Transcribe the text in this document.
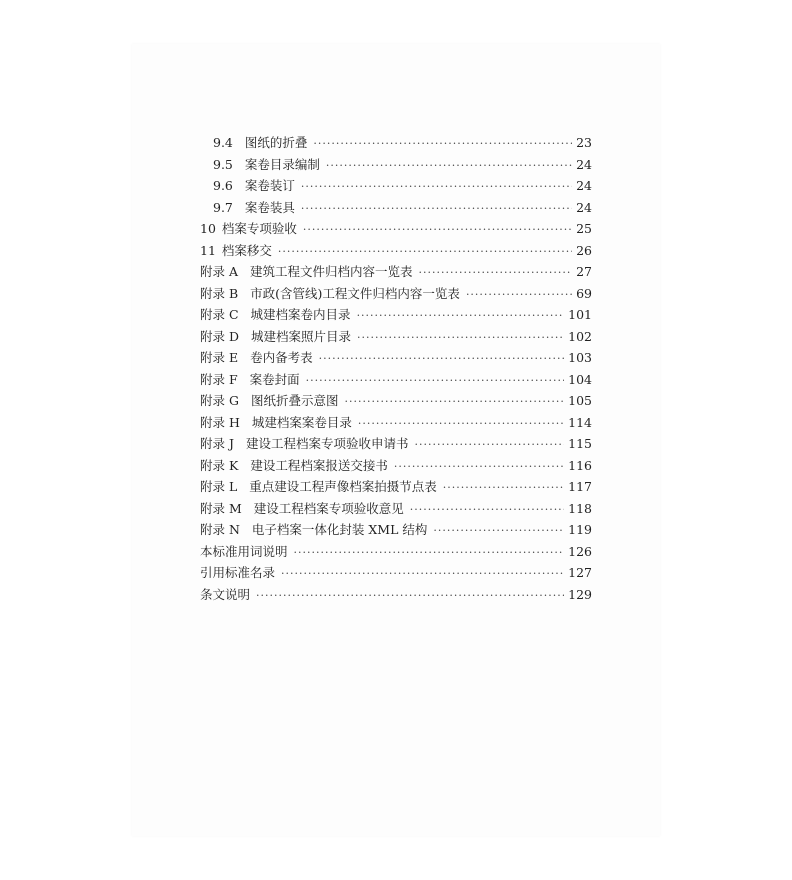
9.4 图纸的折叠 ·····	23
9.5 案卷目录编制 ·····	24
9.6 案卷装订 ·····	24
9.7 案卷装具 ·····	24
10 档案专项验收 ·····	25
11 档案移交 ·····	26
附录 A 建筑工程文件归档内容一览表 ·····	27
附录 B 市政(含管线)工程文件归档内容一览表 ·····	69
附录 C 城建档案卷内目录 ·····	101
附录 D 城建档案照片目录 ·····	102
附录 E 卷内备考表 ·····	103
附录 F 案卷封面 ·····	104
附录 G 图纸折叠示意图 ·····	105
附录 H 城建档案案卷目录 ·····	114
附录 J 建设工程档案专项验收申请书 ·····	115
附录 K 建设工程档案报送交接书 ·····	116
附录 L 重点建设工程声像档案拍摄节点表 ·····	117
附录 M 建设工程档案专项验收意见 ·····	118
附录 N 电子档案一体化封装 XML 结构 ·····	119
本标准用词说明 ·····	126
引用标准名录 ·····	127
条文说明 ·····	129
